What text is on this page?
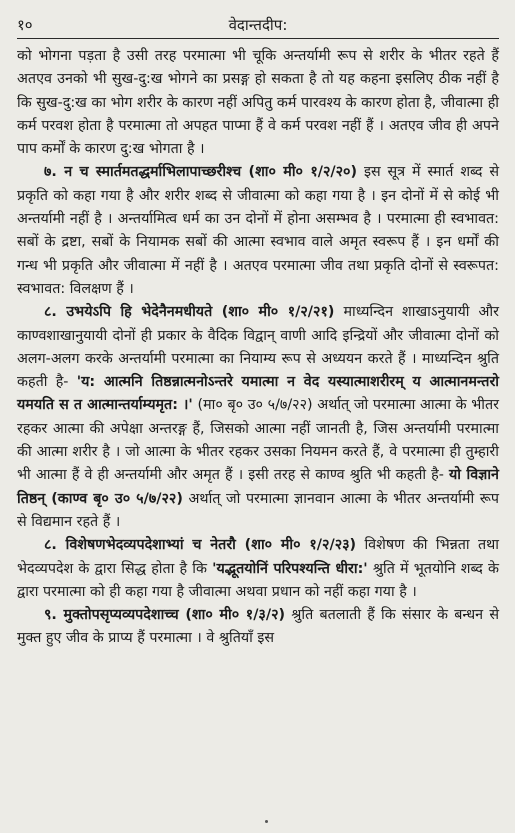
१०	वेदान्तदीप:

को भोगना पड़ता है उसी तरह परमात्मा भी चूकि अन्तर्यामी रूप से शरीर के भीतर रहते हैं अतएव उनको भी सुख-दु:ख भोगने का प्रसङ्ग हो सकता है तो यह कहना इसलिए ठीक नहीं है कि सुख-दु:ख का भोग शरीर के कारण नहीं अपितु कर्म पारवश्य के कारण होता है, जीवात्मा ही कर्म परवश होता है परमात्मा तो अपहत पाप्मा हैं वे कर्म परवश नहीं हैं । अतएव जीव ही अपने पाप कर्मों के कारण दु:ख भोगता है ।

७. न च स्मार्तमतद्धर्माभिलापाच्छरीश्च (शा० मी० १/२/२०) इस सूत्र में स्मार्त शब्द से प्रकृति को कहा गया है और शरीर शब्द से जीवात्मा को कहा गया है । इन दोनों में से कोई भी अन्तर्यामी नहीं है । अन्तर्यामित्व धर्म का उन दोनों में होना असम्भव है । परमात्मा ही स्वभावत: सबों के द्रष्टा, सबों के नियामक सबों की आत्मा स्वभाव वाले अमृत स्वरूप हैं । इन धर्मों की गन्ध भी प्रकृति और जीवात्मा में नहीं है । अतएव परमात्मा जीव तथा प्रकृति दोनों से स्वरूपत: स्वभावत: विलक्षण हैं ।

८. उभयेऽपि हि भेदेनैनमधीयते (शा० मी० १/२/२१) माध्यन्दिन शाखाऽनुयायी और काण्वशाखानुयायी दोनों ही प्रकार के वैदिक विद्वान् वाणी आदि इन्द्रियों और जीवात्मा दोनों को अलग-अलग करके अन्तर्यामी परमात्मा का नियाम्य रूप से अध्ययन करते हैं । माध्यन्दिन श्रुति कहती है- 'य: आत्मनि तिष्ठन्नात्मनोऽन्तरे यमात्मा न वेद यस्यात्माशरीरम् य आत्मानमन्तरो यमयति स त आत्मान्तर्याम्यमृत: ।' (मा० बृ० उ० ५/७/२२) अर्थात् जो परमात्मा आत्मा के भीतर रहकर आत्मा की अपेक्षा अन्तरङ्ग हैं, जिसको आत्मा नहीं जानती है, जिस अन्तर्यामी परमात्मा की आत्मा शरीर है । जो आत्मा के भीतर रहकर उसका नियमन करते हैं, वे परमात्मा ही तुम्हारी भी आत्मा हैं वे ही अन्तर्यामी और अमृत हैं । इसी तरह से काण्व श्रुति भी कहती है- यो विज्ञाने तिष्ठन् (काण्व बृ० उ० ५/७/२२) अर्थात् जो परमात्मा ज्ञानवान आत्मा के भीतर अन्तर्यामी रूप से विद्यमान रहते हैं ।

८. विशेषणभेदव्यपदेशाभ्यां च नेतरौ (शा० मी० १/२/२३) विशेषण की भिन्नता तथा भेदव्यपदेश के द्वारा सिद्ध होता है कि 'यद्भूतयोनिं परिपश्यन्ति धीरा:' श्रुति में भूतयोनि शब्द के द्वारा परमात्मा को ही कहा गया है जीवात्मा अथवा प्रधान को नहीं कहा गया है ।

९. मुक्तोपसृप्यव्यपदेशाच्च (शा० मी० १/३/२) श्रुति बतलाती हैं कि संसार के बन्धन से मुक्त हुए जीव के प्राप्य हैं परमात्मा । वे श्रुतियाँ इस
